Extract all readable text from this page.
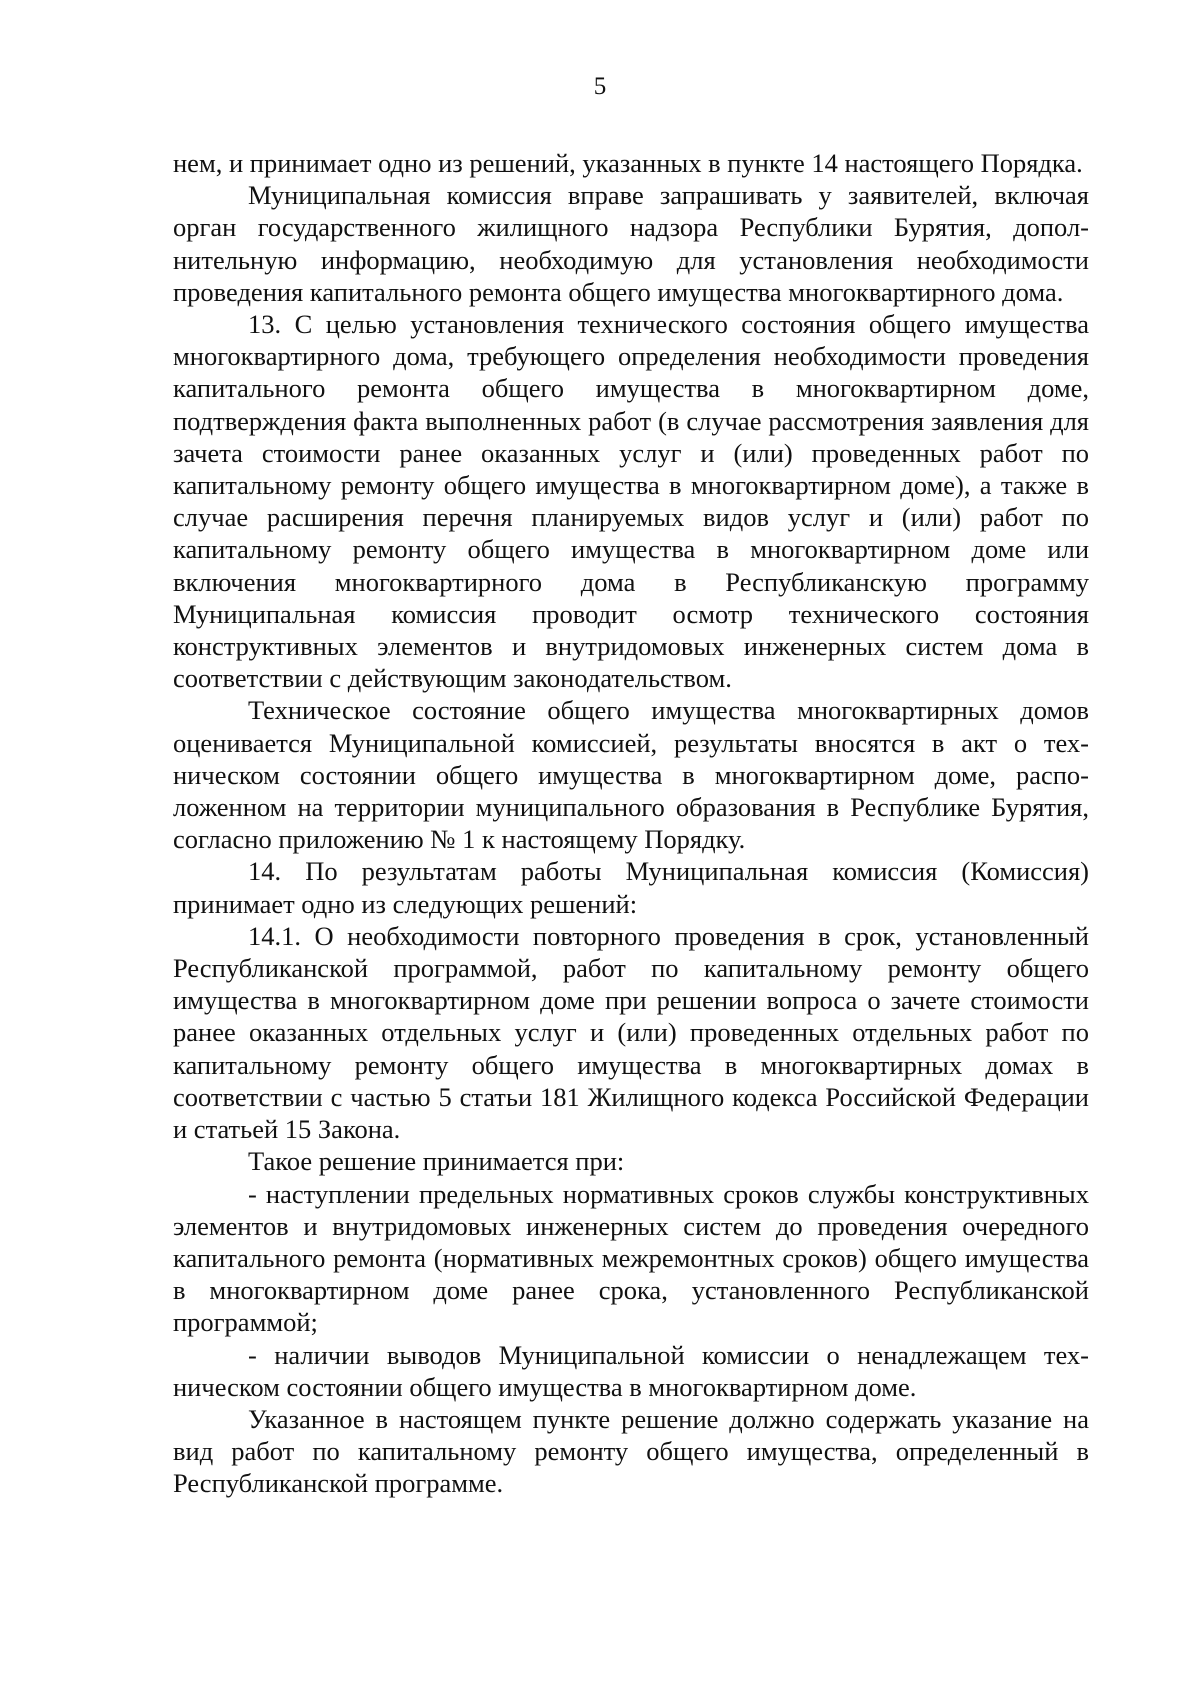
5

нем, и принимает одно из решений, указанных в пункте 14 настоящего Порядка.

Муниципальная комиссия вправе запрашивать у заявителей, включая орган государственного жилищного надзора Республики Бурятия, дополнительную информацию, необходимую для установления необходимости проведения капитального ремонта общего имущества многоквартирного дома.

13. С целью установления технического состояния общего имущества многоквартирного дома, требующего определения необходимости проведения капитального ремонта общего имущества в многоквартирном доме, подтверждения факта выполненных работ (в случае рассмотрения заявления для зачета стоимости ранее оказанных услуг и (или) проведенных работ по капитальному ремонту общего имущества в многоквартирном доме), а также в случае расширения перечня планируемых видов услуг и (или) работ по капитальному ремонту общего имущества в многоквартирном доме или включения многоквартирного дома в Республиканскую программу Муниципальная комиссия проводит осмотр технического состояния конструктивных элементов и внутридомовых инженерных систем дома в соответствии с действующим законодательством.

Техническое состояние общего имущества многоквартирных домов оценивается Муниципальной комиссией, результаты вносятся в акт о техническом состоянии общего имущества в многоквартирном доме, расположенном на территории муниципального образования в Республике Бурятия, согласно приложению № 1 к настоящему Порядку.

14. По результатам работы Муниципальная комиссия (Комиссия) принимает одно из следующих решений:

14.1. О необходимости повторного проведения в срок, установленный Республиканской программой, работ по капитальному ремонту общего имущества в многоквартирном доме при решении вопроса о зачете стоимости ранее оказанных отдельных услуг и (или) проведенных отдельных работ по капитальному ремонту общего имущества в многоквартирных домах в соответствии с частью 5 статьи 181 Жилищного кодекса Российской Федерации и статьей 15 Закона.

Такое решение принимается при:

- наступлении предельных нормативных сроков службы конструктивных элементов и внутридомовых инженерных систем до проведения очередного капитального ремонта (нормативных межремонтных сроков) общего имущества в многоквартирном доме ранее срока, установленного Республиканской программой;

- наличии выводов Муниципальной комиссии о ненадлежащем техническом состоянии общего имущества в многоквартирном доме.

Указанное в настоящем пункте решение должно содержать указание на вид работ по капитальному ремонту общего имущества, определенный в Республиканской программе.
